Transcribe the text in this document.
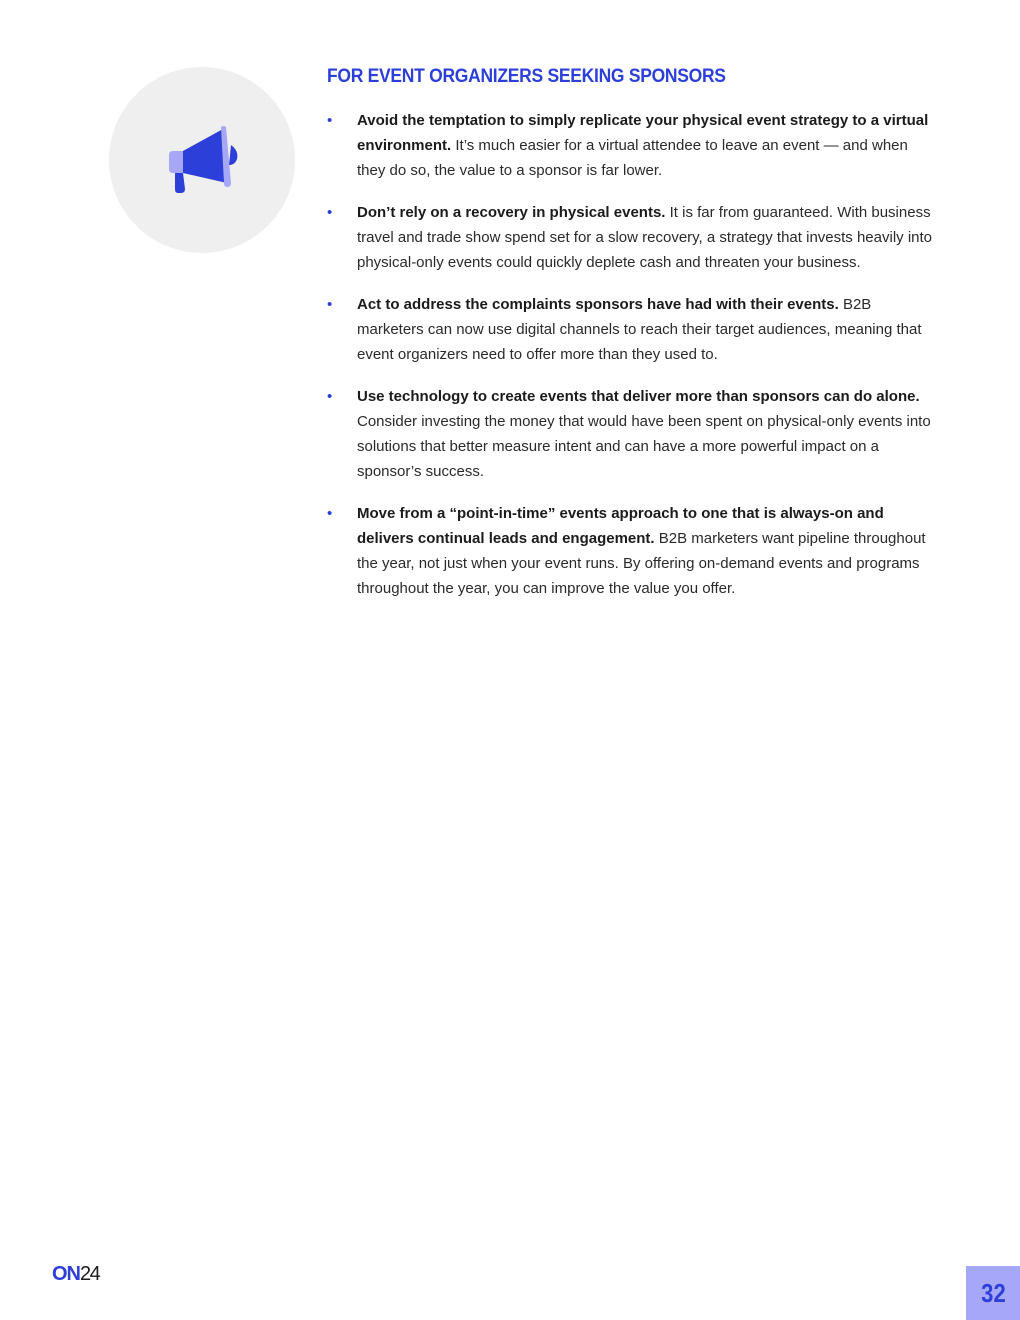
FOR EVENT ORGANIZERS SEEKING SPONSORS
• Avoid the temptation to simply replicate your physical event strategy to a virtual environment. It’s much easier for a virtual attendee to leave an event — and when they do so, the value to a sponsor is far lower.
• Don’t rely on a recovery in physical events. It is far from guaranteed. With business travel and trade show spend set for a slow recovery, a strategy that invests heavily into physical-only events could quickly deplete cash and threaten your business.
• Act to address the complaints sponsors have had with their events. B2B marketers can now use digital channels to reach their target audiences, meaning that event organizers need to offer more than they used to.
• Use technology to create events that deliver more than sponsors can do alone. Consider investing the money that would have been spent on physical-only events into solutions that better measure intent and can have a more powerful impact on a sponsor’s success.
• Move from a “point-in-time” events approach to one that is always-on and delivers continual leads and engagement. B2B marketers want pipeline throughout the year, not just when your event runs. By offering on-demand events and programs throughout the year, you can improve the value you offer.
ON 24
32
